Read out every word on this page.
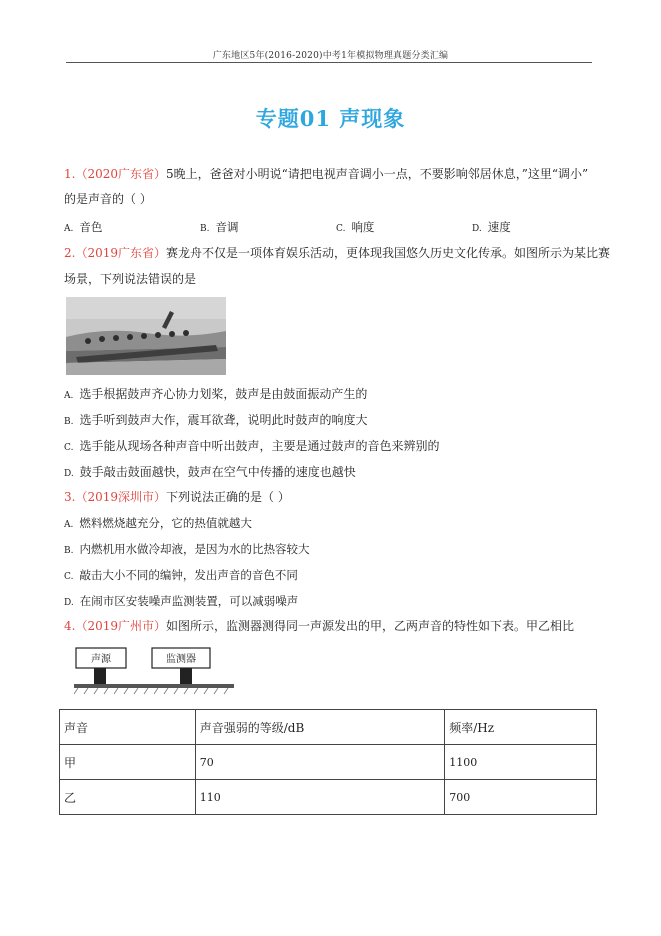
广东地区5年(2016-2020)中考1年模拟物理真题分类汇编
专题01 声现象
1.（2020广东省）5晚上，爸爸对小明说“请把电视声音调小一点，不要影响邻居休息，”这里“调小”
的是声音的（ ）
A. 音色	B. 音调	C. 响度	D. 速度
2.（2019广东省）赛龙舟不仅是一项体育娱乐活动，更体现我国悠久历史文化传承。如图所示为某比赛
场景，下列说法错误的是
A. 选手根据鼓声齐心协力划桨，鼓声是由鼓面振动产生的
B. 选手听到鼓声大作，震耳欲聋，说明此时鼓声的响度大
C. 选手能从现场各种声音中听出鼓声，主要是通过鼓声的音色来辨别的
D. 鼓手敲击鼓面越快，鼓声在空气中传播的速度也越快
3.（2019深圳市）下列说法正确的是（ ）
A. 燃料燃烧越充分，它的热值就越大
B. 内燃机用水做冷却液，是因为水的比热容较大
C. 敲击大小不同的编钟，发出声音的音色不同
D. 在闹市区安装噪声监测装置，可以减弱噪声
4.（2019广州市）如图所示，监测器测得同一声源发出的甲，乙两声音的特性如下表。甲乙相比
声源	监测器
声音	声音强弱的等级/dB	频率/Hz
甲	70	1100
乙	110	700
